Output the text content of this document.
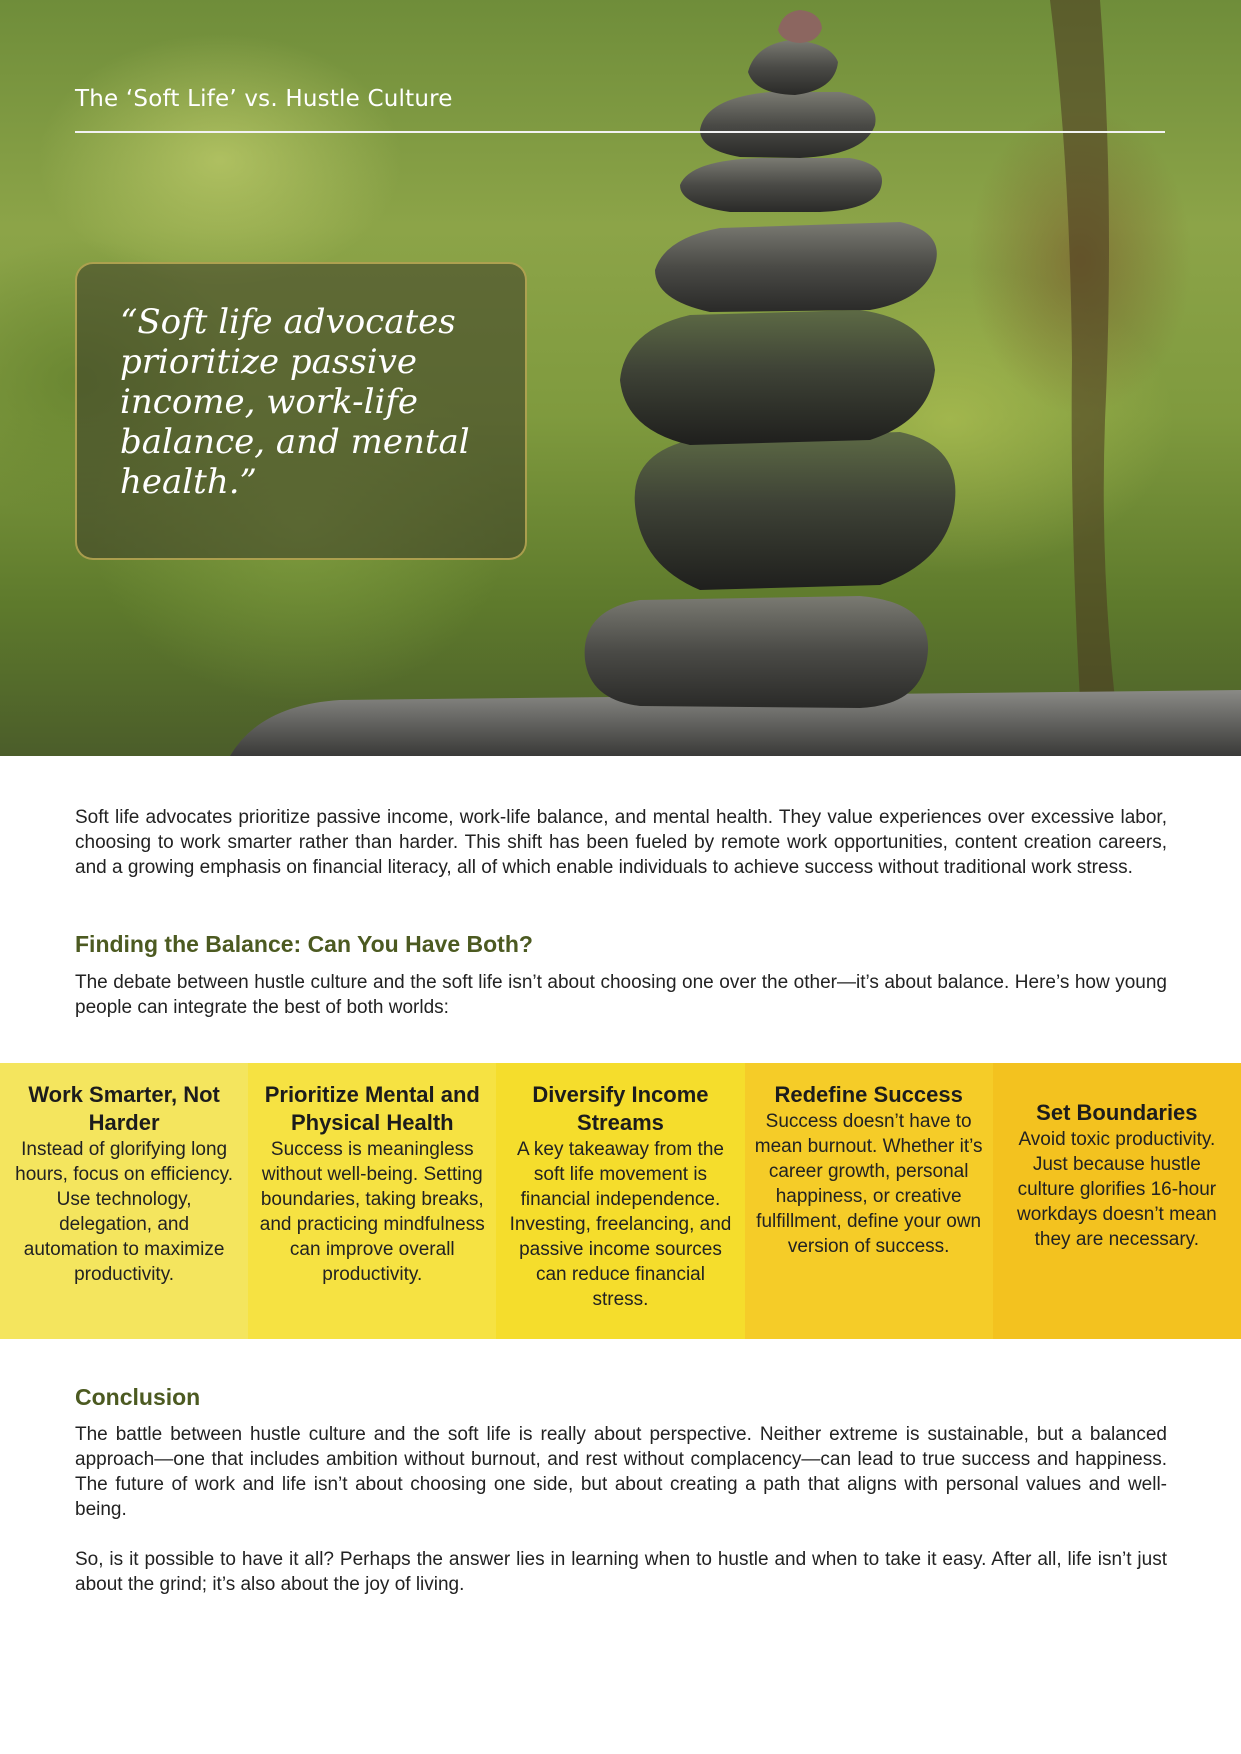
The ‘Soft Life’ vs. Hustle Culture
“Soft life advocates prioritize passive income, work-life balance, and mental health.”
Soft life advocates prioritize passive income, work-life balance, and mental health. They value experiences over excessive labor, choosing to work smarter rather than harder. This shift has been fueled by remote work opportunities, content creation careers, and a growing emphasis on financial literacy, all of which enable individuals to achieve success without traditional work stress.
Finding the Balance: Can You Have Both?
The debate between hustle culture and the soft life isn’t about choosing one over the other—it’s about balance. Here’s how young people can integrate the best of both worlds:
Work Smarter, Not Harder
Instead of glorifying long hours, focus on efficiency. Use technology, delegation, and automation to maximize productivity.
Prioritize Mental and Physical Health
Success is meaningless without well-being. Setting boundaries, taking breaks, and practicing mindfulness can improve overall productivity.
Diversify Income Streams
A key takeaway from the soft life movement is financial independence. Investing, freelancing, and passive income sources can reduce financial stress.
Redefine Success
Success doesn’t have to mean burnout. Whether it’s career growth, personal happiness, or creative fulfillment, define your own version of success.
Set Boundaries
Avoid toxic productivity. Just because hustle culture glorifies 16-hour workdays doesn’t mean they are necessary.
Conclusion
The battle between hustle culture and the soft life is really about perspective. Neither extreme is sustainable, but a balanced approach—one that includes ambition without burnout, and rest without complacency—can lead to true success and happiness. The future of work and life isn’t about choosing one side, but about creating a path that aligns with personal values and well-being.
So, is it possible to have it all? Perhaps the answer lies in learning when to hustle and when to take it easy. After all, life isn’t just about the grind; it’s also about the joy of living.
